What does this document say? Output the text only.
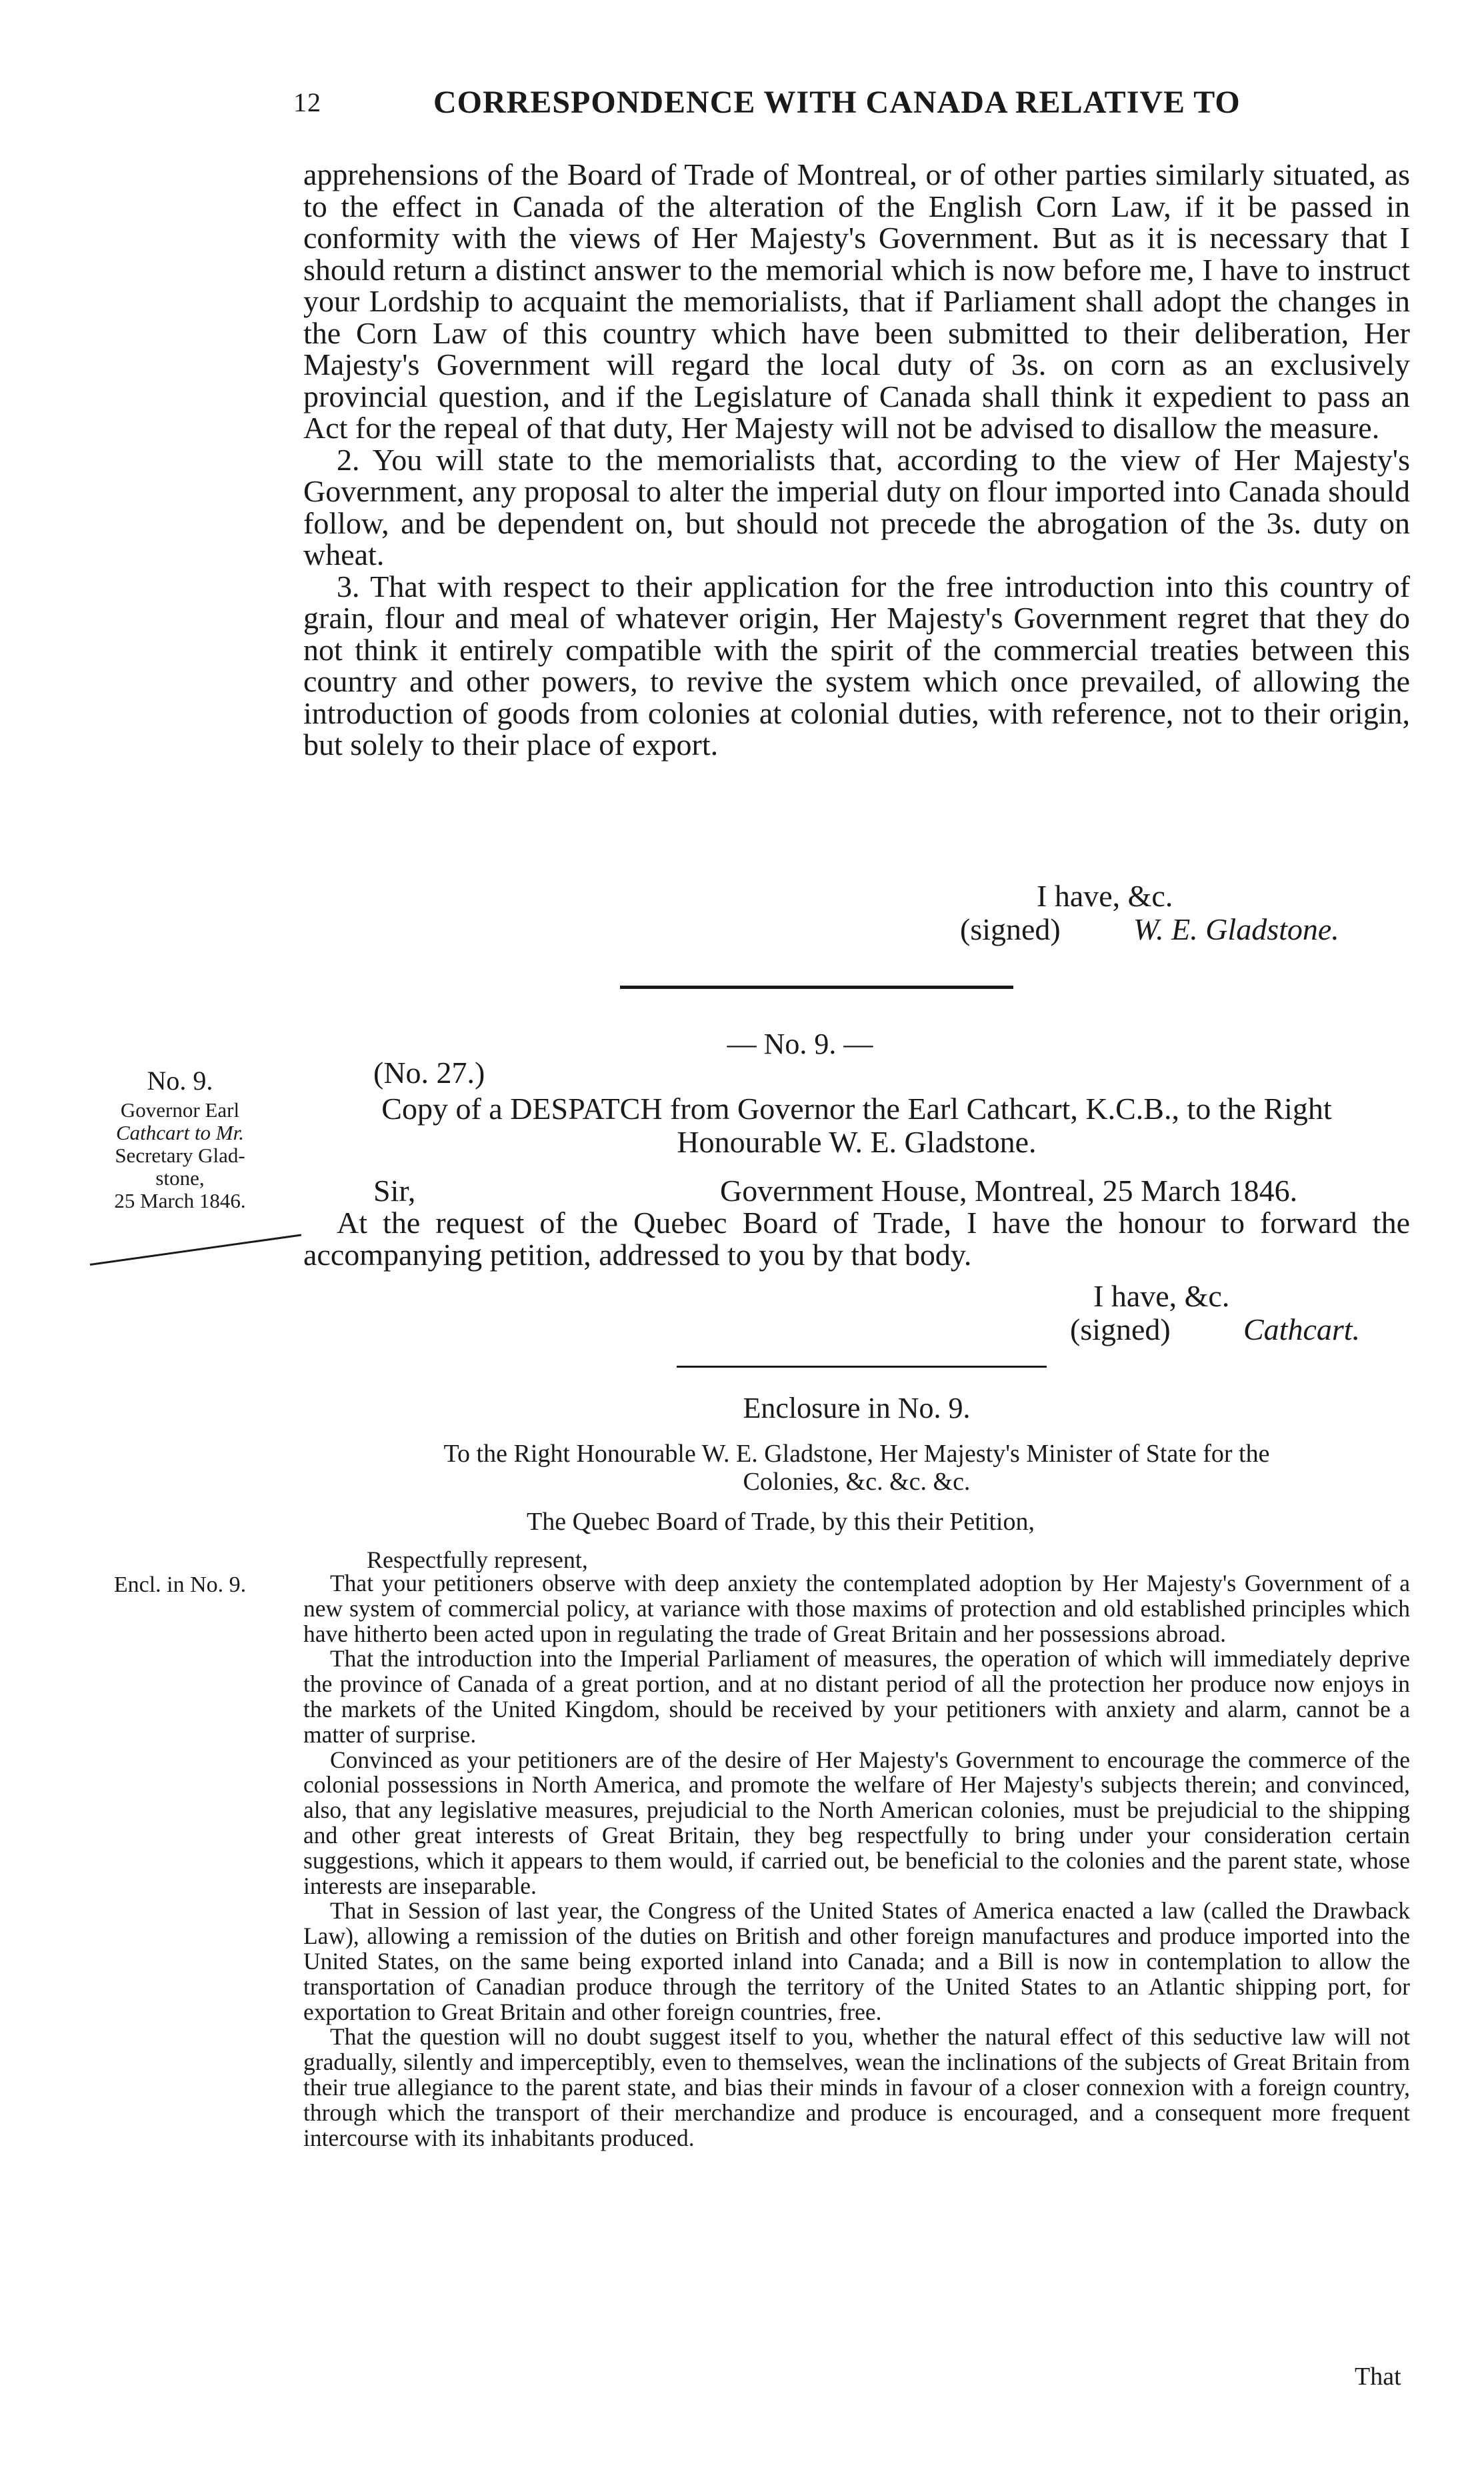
12	CORRESPONDENCE WITH CANADA RELATIVE TO

apprehensions of the Board of Trade of Montreal, or of other parties similarly situated, as to the effect in Canada of the alteration of the English Corn Law, if it be passed in conformity with the views of Her Majesty's Government. But as it is necessary that I should return a distinct answer to the memorial which is now before me, I have to instruct your Lordship to acquaint the memorialists, that if Parliament shall adopt the changes in the Corn Law of this country which have been submitted to their deliberation, Her Majesty's Government will regard the local duty of 3s. on corn as an exclusively provincial question, and if the Legislature of Canada shall think it expedient to pass an Act for the repeal of that duty, Her Majesty will not be advised to disallow the measure.

2. You will state to the memorialists that, according to the view of Her Majesty's Government, any proposal to alter the imperial duty on flour imported into Canada should follow, and be dependent on, but should not precede the abrogation of the 3s. duty on wheat.

3. That with respect to their application for the free introduction into this country of grain, flour and meal of whatever origin, Her Majesty's Government regret that they do not think it entirely compatible with the spirit of the commercial treaties between this country and other powers, to revive the system which once prevailed, of allowing the introduction of goods from colonies at colonial duties, with reference, not to their origin, but solely to their place of export.

I have, &c.
(signed) W. E. Gladstone.
— No. 9. —
No. 9.
Governor Earl
Cathcart to Mr.
Secretary Glad-
stone,
25 March 1846.
(No. 27.)
Copy of a DESPATCH from Governor the Earl Cathcart, K.C.B., to the Right
Honourable W. E. Gladstone.
Sir,	Government House, Montreal, 25 March 1846.

At the request of the Quebec Board of Trade, I have the honour to forward the accompanying petition, addressed to you by that body.

I have, &c.
(signed) Cathcart.
Enclosure in No. 9.
To the Right Honourable W. E. Gladstone, Her Majesty's Minister of State for the
Colonies, &c. &c. &c.
The Quebec Board of Trade, by this their Petition,
Respectfully represent,
Encl. in No. 9.	That your petitioners observe with deep anxiety the contemplated adoption by Her Majesty's Government of a new system of commercial policy, at variance with those maxims of protection and old established principles which have hitherto been acted upon in regulating the trade of Great Britain and her possessions abroad.

That the introduction into the Imperial Parliament of measures, the operation of which will immediately deprive the province of Canada of a great portion, and at no distant period of all the protection her produce now enjoys in the markets of the United Kingdom, should be received by your petitioners with anxiety and alarm, cannot be a matter of surprise.

Convinced as your petitioners are of the desire of Her Majesty's Government to encourage the commerce of the colonial possessions in North America, and promote the welfare of Her Majesty's subjects therein; and convinced, also, that any legislative measures, prejudicial to the North American colonies, must be prejudicial to the shipping and other great interests of Great Britain, they beg respectfully to bring under your consideration certain suggestions, which it appears to them would, if carried out, be beneficial to the colonies and the parent state, whose interests are inseparable.

That in Session of last year, the Congress of the United States of America enacted a law (called the Drawback Law), allowing a remission of the duties on British and other foreign manufactures and produce imported into the United States, on the same being exported inland into Canada; and a Bill is now in contemplation to allow the transportation of Canadian produce through the territory of the United States to an Atlantic shipping port, for exportation to Great Britain and other foreign countries, free.

That the question will no doubt suggest itself to you, whether the natural effect of this seductive law will not gradually, silently and imperceptibly, even to themselves, wean the inclinations of the subjects of Great Britain from their true allegiance to the parent state, and bias their minds in favour of a closer connexion with a foreign country, through which the transport of their merchandize and produce is encouraged, and a consequent more frequent intercourse with its inhabitants produced.

That
